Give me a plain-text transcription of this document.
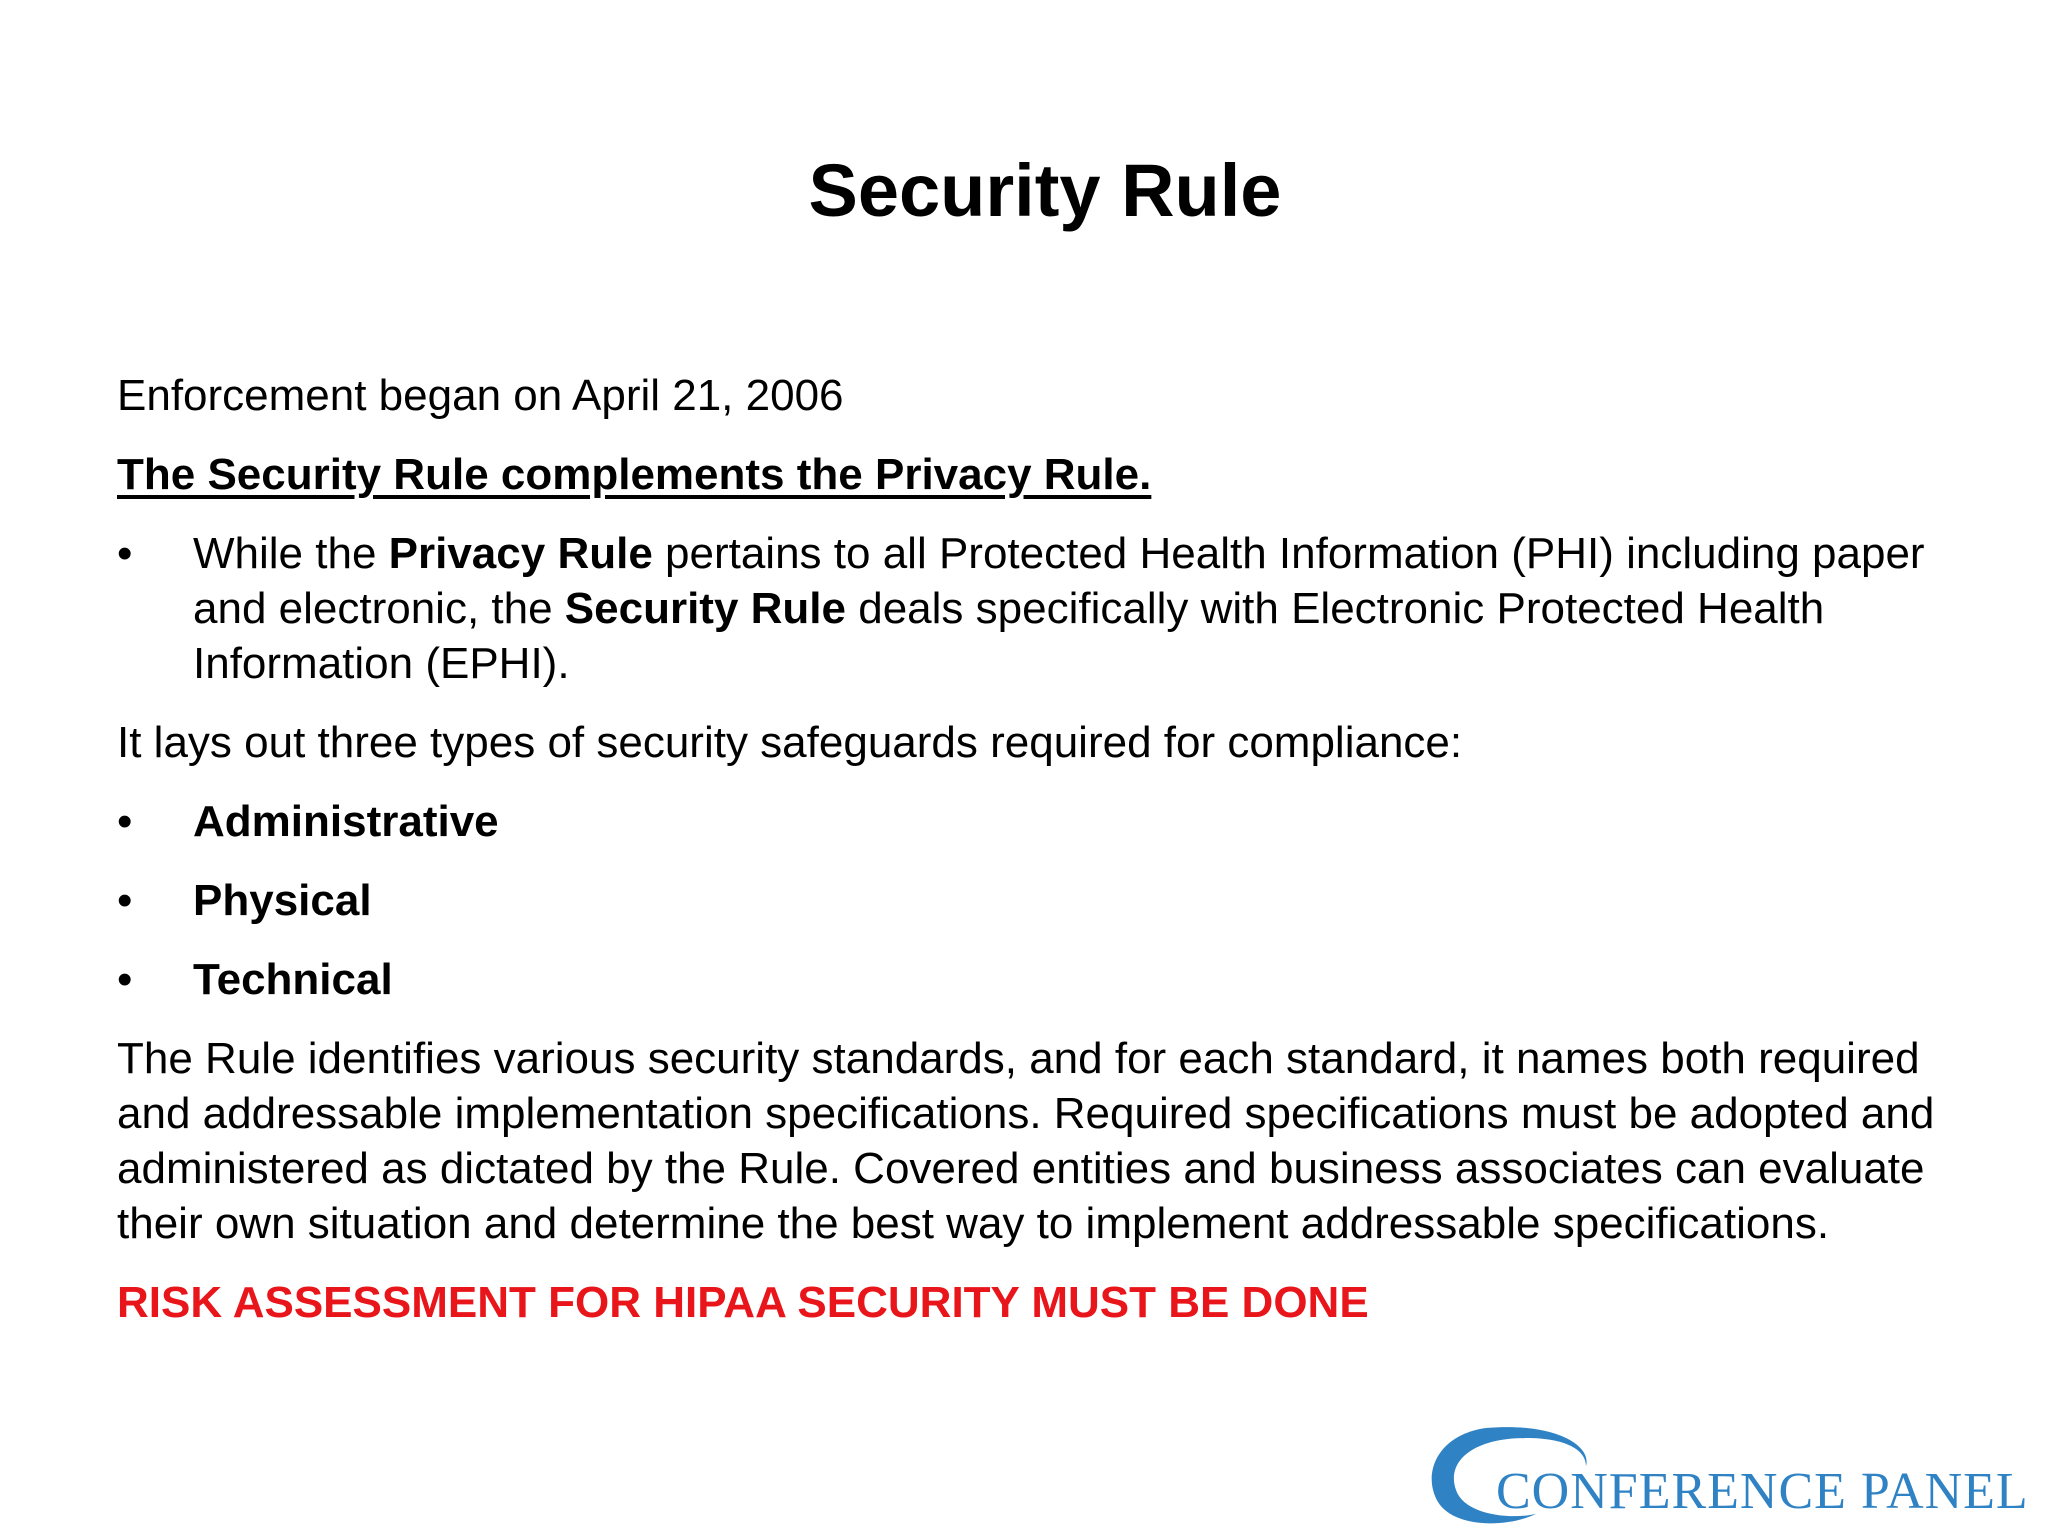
Security Rule

Enforcement began on April 21, 2006

The Security Rule complements the Privacy Rule.

• While the Privacy Rule pertains to all Protected Health Information (PHI) including paper and electronic, the Security Rule deals specifically with Electronic Protected Health Information (EPHI).

It lays out three types of security safeguards required for compliance:

• Administrative
• Physical
• Technical

The Rule identifies various security standards, and for each standard, it names both required and addressable implementation specifications. Required specifications must be adopted and administered as dictated by the Rule. Covered entities and business associates can evaluate their own situation and determine the best way to implement addressable specifications.

RISK ASSESSMENT FOR HIPAA SECURITY MUST BE DONE

CONFERENCE PANEL
